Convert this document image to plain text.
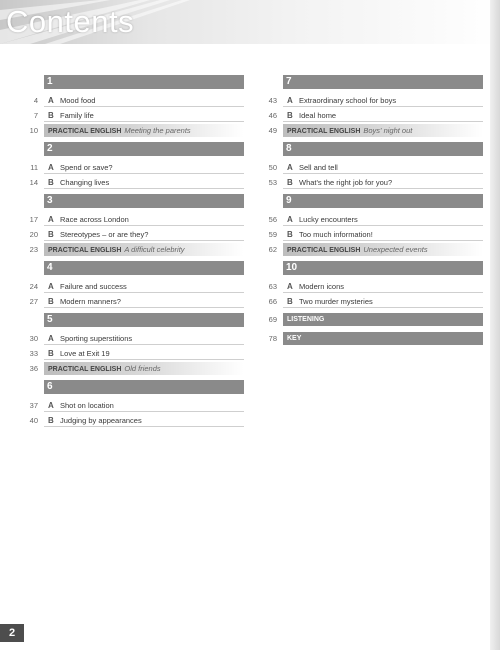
Contents
1
4 A Mood food
7 B Family life
10 PRACTICAL ENGLISH Meeting the parents
2
11 A Spend or save?
14 B Changing lives
3
17 A Race across London
20 B Stereotypes – or are they?
23 PRACTICAL ENGLISH A difficult celebrity
4
24 A Failure and success
27 B Modern manners?
5
30 A Sporting superstitions
33 B Love at Exit 19
36 PRACTICAL ENGLISH Old friends
6
37 A Shot on location
40 B Judging by appearances
7
43 A Extraordinary school for boys
46 B Ideal home
49 PRACTICAL ENGLISH Boys' night out
8
50 A Sell and tell
53 B What's the right job for you?
9
56 A Lucky encounters
59 B Too much information!
62 PRACTICAL ENGLISH Unexpected events
10
63 A Modern icons
66 B Two murder mysteries
69 LISTENING
78 KEY
2
